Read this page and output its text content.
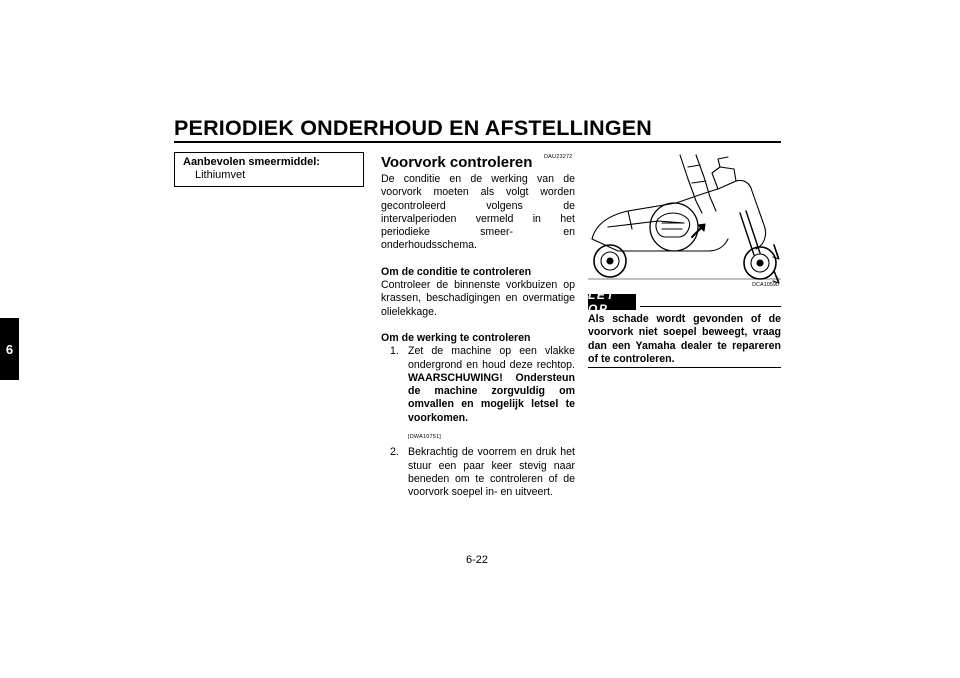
PERIODIEK ONDERHOUD EN AFSTELLINGEN
6
Aanbevolen smeermiddel:
Lithiumvet
DAU23272
Voorvork controleren

De conditie en de werking van de voorvork moeten als volgt worden gecontroleerd volgens de intervalperioden vermeld in het periodieke smeer- en onderhoudsschema.

Om de conditie te controleren

Controleer de binnenste vorkbuizen op krassen, beschadigingen en overmatige olielekkage.

Om de werking te controleren

1. Zet de machine op een vlakke ondergrond en houd deze rechtop. WAARSCHUWING! Ondersteun de machine zorgvuldig om omvallen en mogelijk letsel te voorkomen.
[DWA10751]
2. Bekrachtig de voorrem en druk het stuur een paar keer stevig naar beneden om te controleren of de voorvork soepel in- en uitveert.
DCA10590
LET OP
Als schade wordt gevonden of de voorvork niet soepel beweegt, vraag dan een Yamaha dealer te repareren of te controleren.
6-22
